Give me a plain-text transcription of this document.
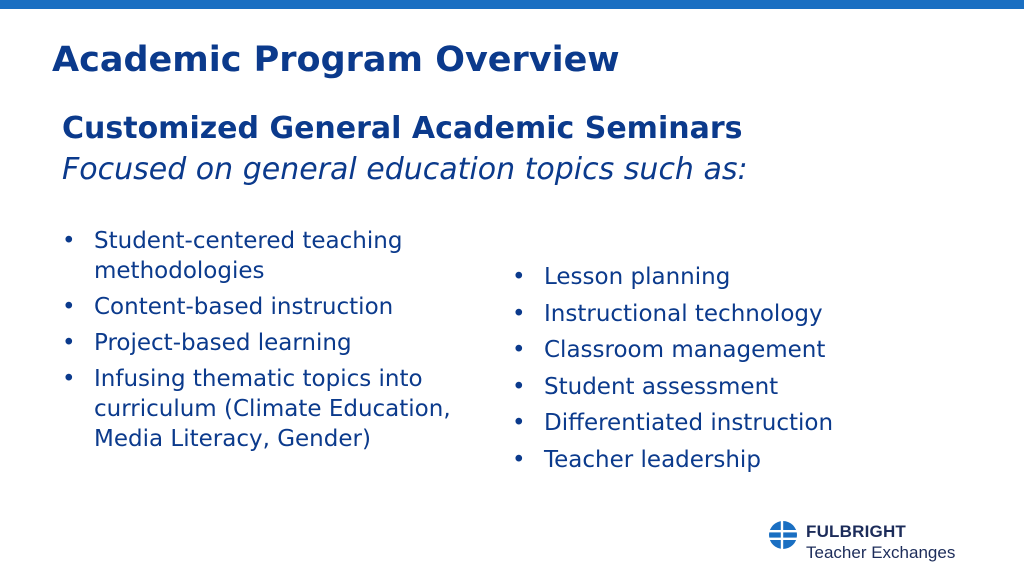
Academic Program Overview
Customized General Academic Seminars

Focused on general education topics such as:

• Student-centered teaching methodologies
• Content-based instruction
• Project-based learning
• Infusing thematic topics into curriculum (Climate Education, Media Literacy, Gender)
• Lesson planning
• Instructional technology
• Classroom management
• Student assessment
• Differentiated instruction
• Teacher leadership
FULBRIGHT
Teacher Exchanges
